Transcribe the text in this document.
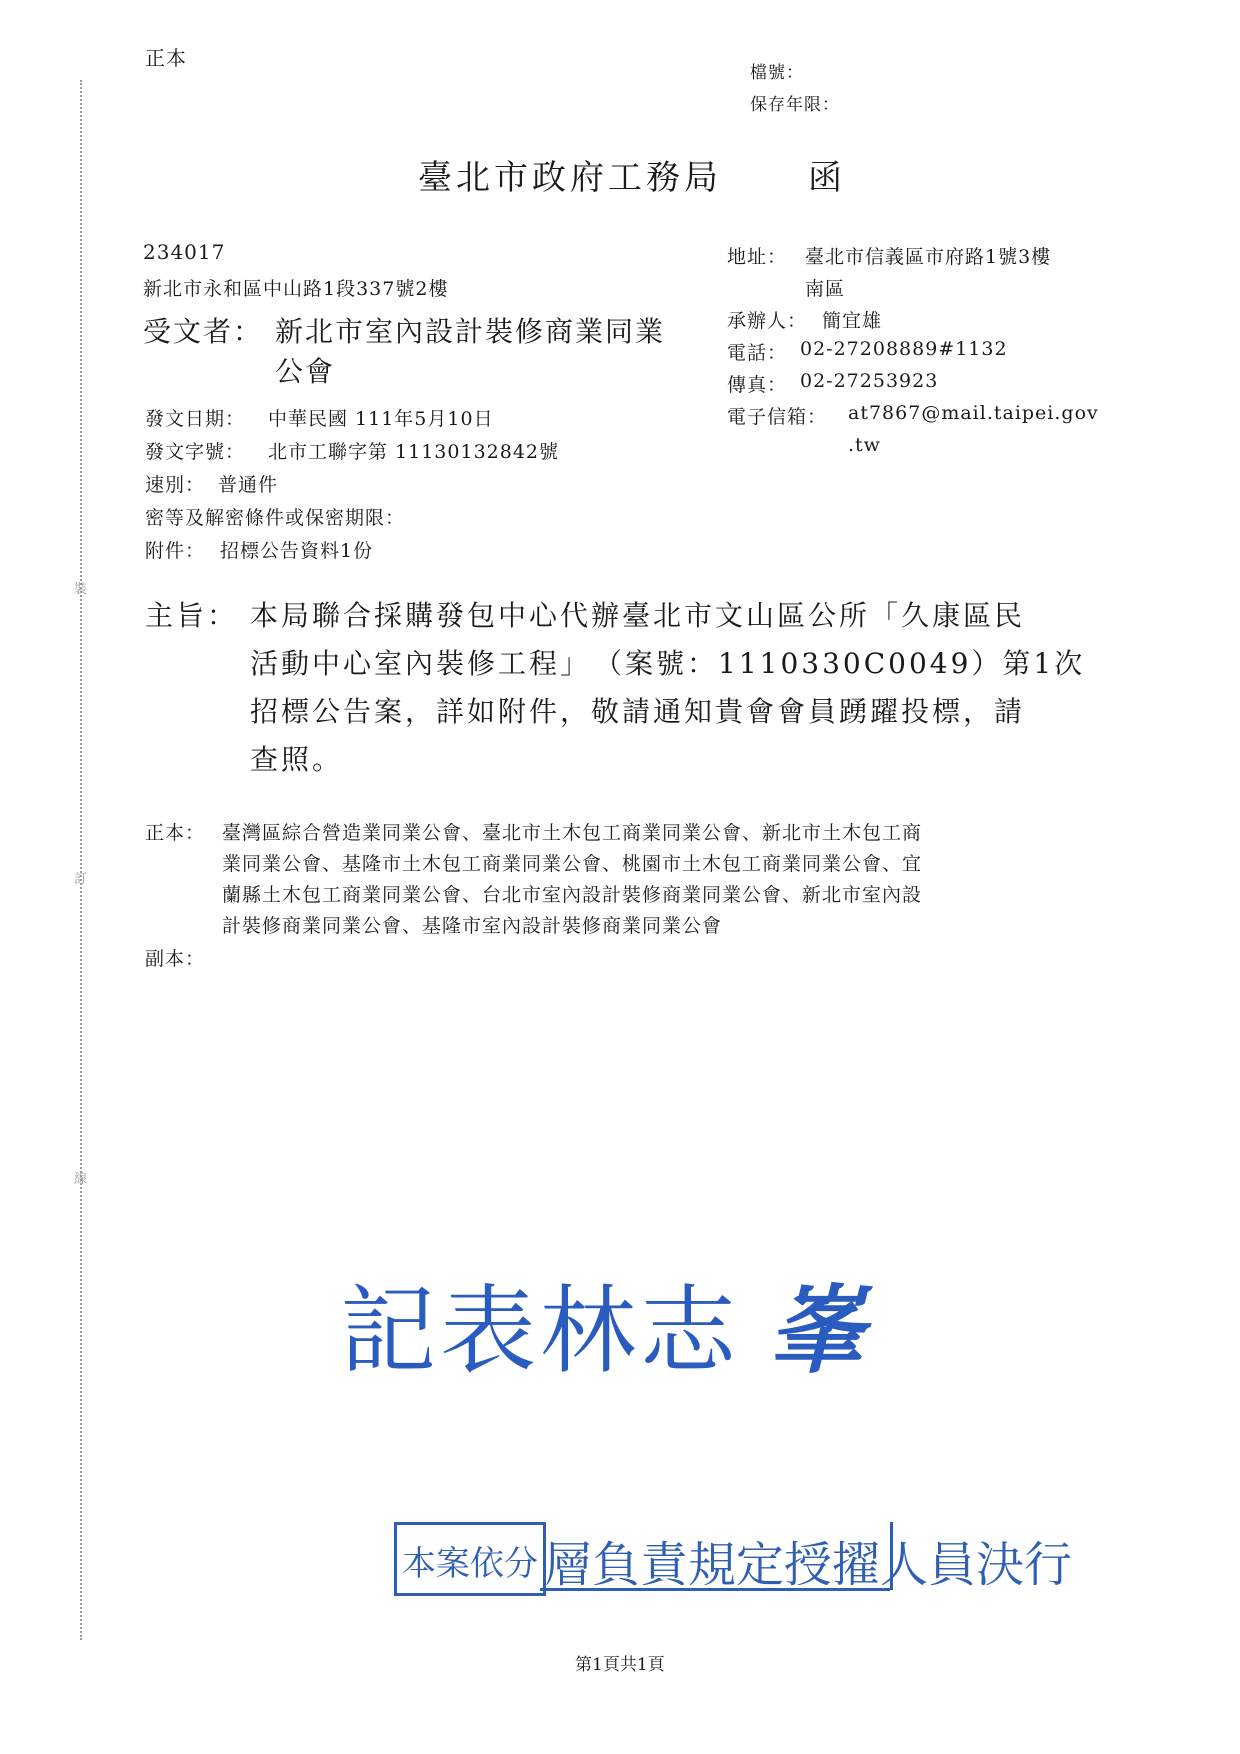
裝
訂
線
正本
檔號：
保存年限：
臺北市政府工務局	函
234017
新北市永和區中山路1段337號2樓
受文者： 新北市室內設計裝修商業同業
公會
地址： 臺北市信義區市府路1號3樓
南區
承辦人： 簡宜雄
電話： 02-27208889#1132
傳真： 02-27253923
電子信箱： at7867@mail.taipei.gov
.tw
發文日期： 中華民國 111年5月10日
發文字號： 北市工聯字第 11130132842號
速別： 普通件
密等及解密條件或保密期限：
附件： 招標公告資料1份
主旨： 本局聯合採購發包中心代辦臺北市文山區公所「久康區民
活動中心室內裝修工程」　（案號：1110330C0049）第1次
招標公告案，詳如附件，敬請通知貴會會員踴躍投標，請
查照。
正本： 臺灣區綜合營造業同業公會、臺北市土木包工商業同業公會、新北市土木包工商
業同業公會、基隆市土木包工商業同業公會、桃園市土木包工商業同業公會、宜
蘭縣土木包工商業同業公會、台北市室內設計裝修商業同業公會、新北市室內設
計裝修商業同業公會、基隆市室內設計裝修商業同業公會
副本：
記表林志 峯
本案依分 層負責規定授擢人員決行
第1頁共1頁
